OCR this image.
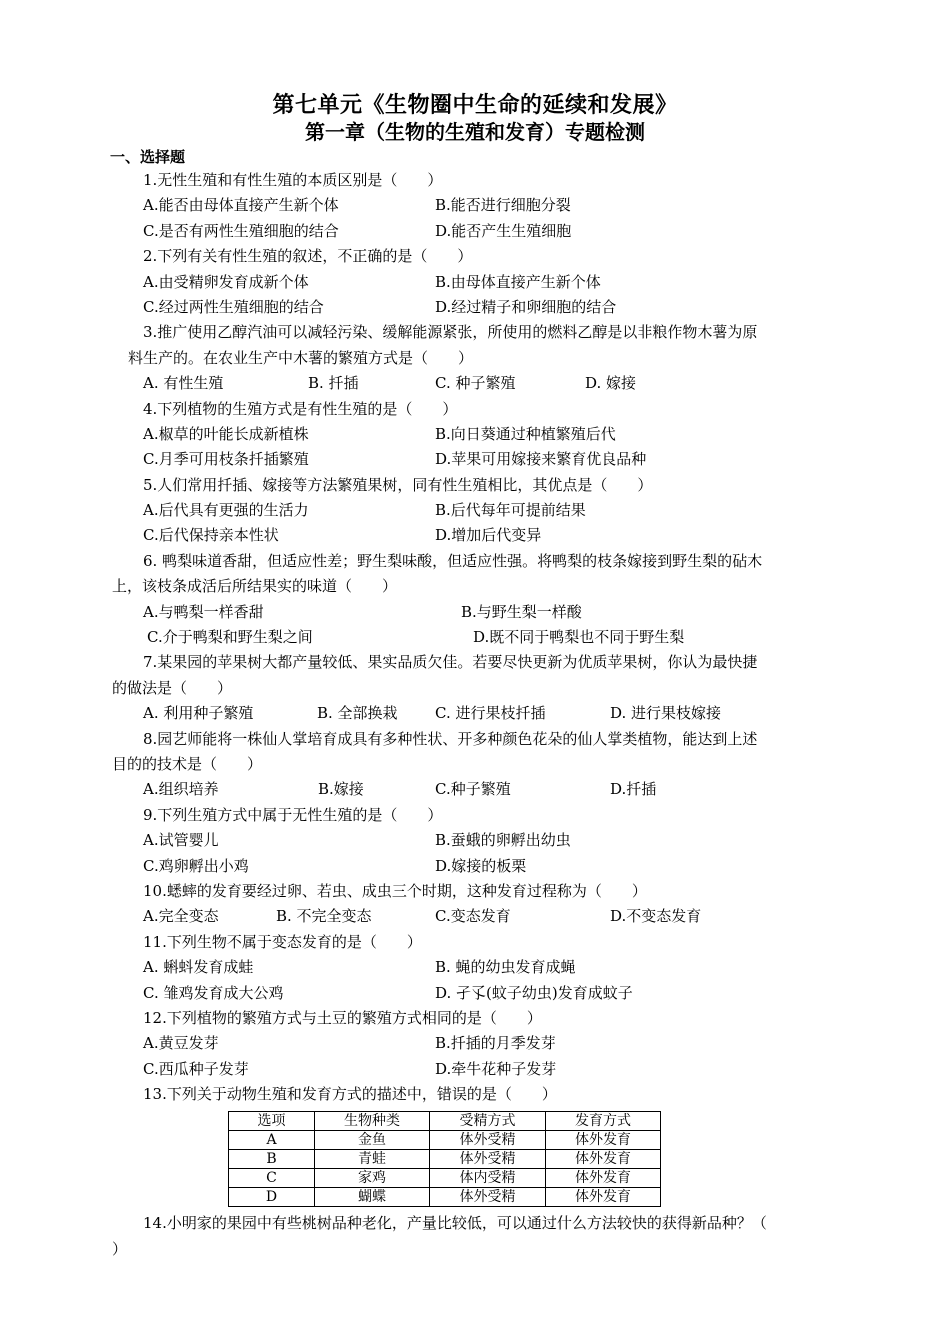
第七单元《生物圈中生命的延续和发展》
第一章（生物的生殖和发育）专题检测
一、选择题
1.无性生殖和有性生殖的本质区别是（　　）
A.能否由母体直接产生新个体	B.能否进行细胞分裂
C.是否有两性生殖细胞的结合	D.能否产生生殖细胞
2.下列有关有性生殖的叙述，不正确的是（　　）
A.由受精卵发育成新个体	B.由母体直接产生新个体
C.经过两性生殖细胞的结合	D.经过精子和卵细胞的结合
3.推广使用乙醇汽油可以减轻污染、缓解能源紧张，所使用的燃料乙醇是以非粮作物木薯为原
料生产的。在农业生产中木薯的繁殖方式是（　　）
A. 有性生殖	B. 扦插	C. 种子繁殖	D. 嫁接
4.下列植物的生殖方式是有性生殖的是（　　）
A.椒草的叶能长成新植株	B.向日葵通过种植繁殖后代
C.月季可用枝条扦插繁殖	D.苹果可用嫁接来繁育优良品种
5.人们常用扦插、嫁接等方法繁殖果树，同有性生殖相比，其优点是（　　）
A.后代具有更强的生活力	B.后代每年可提前结果
C.后代保持亲本性状	D.增加后代变异
6. 鸭梨味道香甜，但适应性差；野生梨味酸，但适应性强。将鸭梨的枝条嫁接到野生梨的砧木
上，该枝条成活后所结果实的味道（　　）
A.与鸭梨一样香甜	B.与野生梨一样酸
C.介于鸭梨和野生梨之间	D.既不同于鸭梨也不同于野生梨
7.某果园的苹果树大都产量较低、果实品质欠佳。若要尽快更新为优质苹果树，你认为最快捷
的做法是（　　）
A. 利用种子繁殖	B. 全部换栽 C. 进行果枝扦插	D. 进行果枝嫁接
8.园艺师能将一株仙人掌培育成具有多种性状、开多种颜色花朵的仙人掌类植物，能达到上述
目的的技术是（　　）
A.组织培养	B.嫁接	C.种子繁殖	D.扦插
9.下列生殖方式中属于无性生殖的是（　　）
A.试管婴儿	B.蚕蛾的卵孵出幼虫
C.鸡卵孵出小鸡	D.嫁接的板栗
10.蟋蟀的发育要经过卵、若虫、成虫三个时期，这种发育过程称为（　　）
A.完全变态	B. 不完全变态	C.变态发育	D.不变态发育
11.下列生物不属于变态发育的是（　　）
A. 蝌蚪发育成蛙	B. 蝇的幼虫发育成蝇
C. 雏鸡发育成大公鸡	D. 孑孓(蚊子幼虫)发育成蚊子
12.下列植物的繁殖方式与土豆的繁殖方式相同的是（　　）
A.黄豆发芽	B.扦插的月季发芽
C.西瓜种子发芽	D.牵牛花种子发芽
13.下列关于动物生殖和发育方式的描述中，错误的是（　　）
选项	生物种类	受精方式	发育方式
A	金鱼	体外受精	体外发育
B	青蛙	体外受精	体外发育
C	家鸡	体内受精	体外发育
D	蝴蝶	体外受精	体外发育
14.小明家的果园中有些桃树品种老化，产量比较低，可以通过什么方法较快的获得新品种？（
）
